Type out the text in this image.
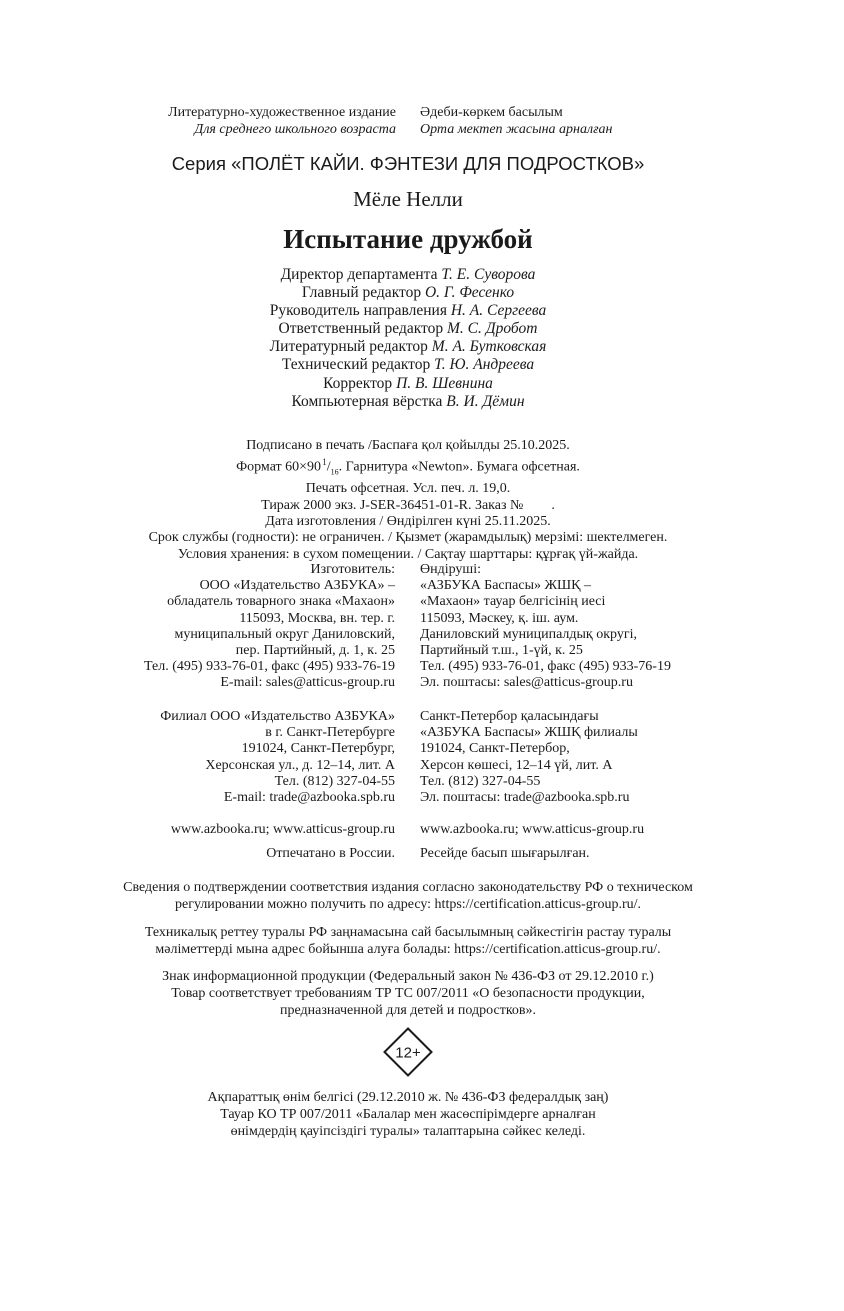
Литературно-художественное издание
Для среднего школьного возраста
Әдеби-көркем басылым
Орта мектеп жасына арналған
Серия «ПОЛЁТ КАЙИ. ФЭНТЕЗИ ДЛЯ ПОДРОСТКОВ»
Мёле Нелли
Испытание дружбой
Директор департамента Т. Е. Суворова
Главный редактор О. Г. Фесенко
Руководитель направления Н. А. Сергеева
Ответственный редактор М. С. Дробот
Литературный редактор М. А. Бутковская
Технический редактор Т. Ю. Андреева
Корректор П. В. Шевнина
Компьютерная вёрстка В. И. Дёмин
Подписано в печать /Баспаға қол қойылды 25.10.2025.
Формат 60×90 $^1/_{16}$. Гарнитура «Newton». Бумага офсетная.
Печать офсетная. Усл. печ. л. 19,0.
Тираж 2000 экз. J-SER-36451-01-R. Заказ №        .
Дата изготовления / Өндірілген күні 25.11.2025.
Срок службы (годности): не ограничен. / Қызмет (жарамдылық) мерзімі: шектелмеген.
Условия хранения: в сухом помещении. / Сақтау шарттары: құрғақ үй-жайда.
Изготовитель:
ООО «Издательство АЗБУКА» –
обладатель товарного знака «Махаон»
115093, Москва, вн. тер. г.
муниципальный округ Даниловский,
пер. Партийный, д. 1, к. 25
Тел. (495) 933-76-01, факс (495) 933-76-19
E-mail: sales@atticus-group.ru
Өндіруші:
«АЗБУКА Баспасы» ЖШҚ –
«Махаон» тауар белгісінің иесі
115093, Мәскеу, қ. іш. аум.
Даниловский муниципалдық округі,
Партийный т.ш., 1-үй, к. 25
Тел. (495) 933-76-01, факс (495) 933-76-19
Эл. поштасы: sales@atticus-group.ru
Филиал ООО «Издательство АЗБУКА»
в г. Санкт-Петербурге
191024, Санкт-Петербург,
Херсонская ул., д. 12–14, лит. А
Тел. (812) 327-04-55
E-mail: trade@azbooka.spb.ru
Санкт-Петербор қаласындағы
«АЗБУКА Баспасы» ЖШҚ филиалы
191024, Санкт-Петербор,
Херсон көшесі, 12–14 үй, лит. А
Тел. (812) 327-04-55
Эл. поштасы: trade@azbooka.spb.ru
www.azbooka.ru; www.atticus-group.ru www.azbooka.ru; www.atticus-group.ru
Отпечатано в России. Ресейде басып шығарылған.
Сведения о подтверждении соответствия издания согласно законодательству РФ о техническом
регулировании можно получить по адресу: https://certification.atticus-group.ru/.
Техникалық реттеу туралы РФ заңнамасына сай басылымның сәйкестігін растау туралы
мәліметтерді мына адрес бойынша алуға болады: https://certification.atticus-group.ru/.
Знак информационной продукции (Федеральный закон № 436-ФЗ от 29.12.2010 г.)
Товар соответствует требованиям ТР ТС 007/2011 «О безопасности продукции,
предназначенной для детей и подростков».
12+
Ақпараттық өнім белгісі (29.12.2010 ж. № 436-ФЗ федералдық заң)
Тауар КО ТР 007/2011 «Балалар мен жасөспірімдерге арналған
өнімдердің қауіпсіздігі туралы» талаптарына сәйкес келеді.
